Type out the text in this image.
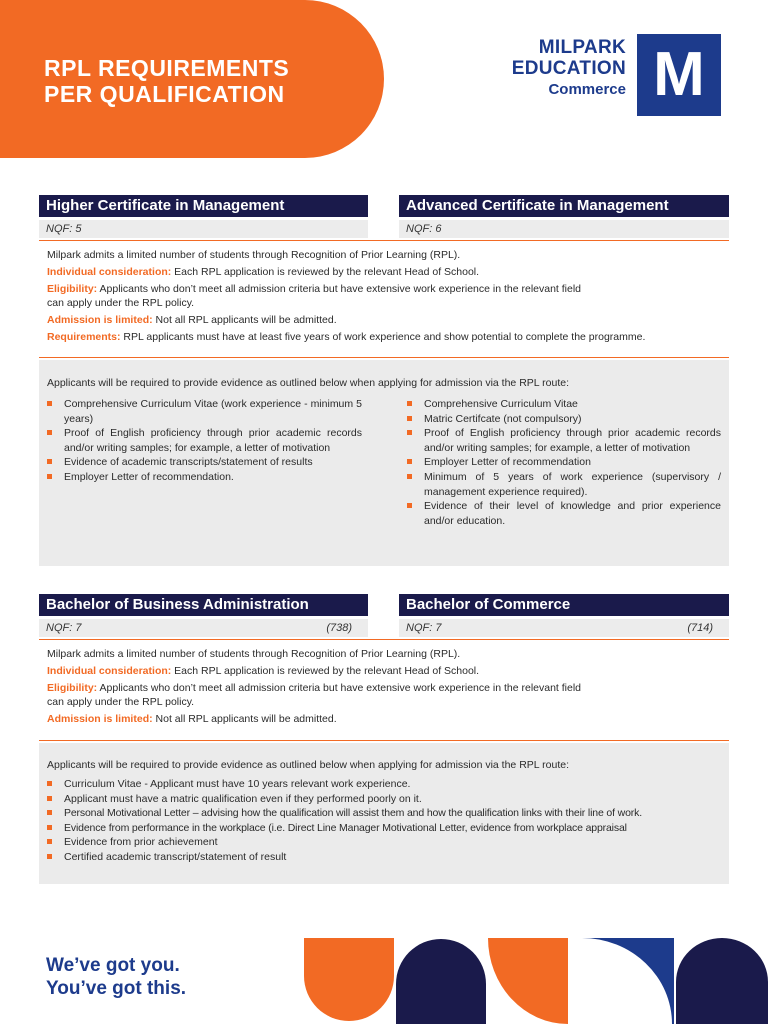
RPL REQUIREMENTS
PER QUALIFICATION
MILPARK
EDUCATION
Commerce M
Higher Certificate in Management	Advanced Certificate in Management
NQF: 5	NQF: 6
Milpark admits a limited number of students through Recognition of Prior Learning (RPL).
Individual consideration: Each RPL application is reviewed by the relevant Head of School.
Eligibility: Applicants who don’t meet all admission criteria but have extensive work experience in the relevant field
can apply under the RPL policy.
Admission is limited: Not all RPL applicants will be admitted.
Requirements: RPL applicants must have at least five years of work experience and show potential to complete the programme.
Applicants will be required to provide evidence as outlined below when applying for admission via the RPL route:
Comprehensive Curriculum Vitae (work experience - minimum 5 years)
Proof of English proficiency through prior academic records and/or writing samples; for example, a letter of motivation
Evidence of academic transcripts/statement of results
Employer Letter of recommendation.
Comprehensive Curriculum Vitae
Matric Certifcate (not compulsory)
Proof of English proficiency through prior academic records and/or writing samples; for example, a letter of motivation
Employer Letter of recommendation
Minimum of 5 years of work experience (supervisory / management experience required).
Evidence of their level of knowledge and prior experience and/or education.
Bachelor of Business Administration	Bachelor of Commerce
NQF: 7	(738)	NQF: 7	(714)
Milpark admits a limited number of students through Recognition of Prior Learning (RPL).
Individual consideration: Each RPL application is reviewed by the relevant Head of School.
Eligibility: Applicants who don’t meet all admission criteria but have extensive work experience in the relevant field
can apply under the RPL policy.
Admission is limited: Not all RPL applicants will be admitted.
Applicants will be required to provide evidence as outlined below when applying for admission via the RPL route:
Curriculum Vitae - Applicant must have 10 years relevant work experience.
Applicant must have a matric qualification even if they performed poorly on it.
Personal Motivational Letter – advising how the qualification will assist them and how the qualification links with their line of work.
Evidence from performance in the workplace (i.e. Direct Line Manager Motivational Letter, evidence from workplace appraisal
Evidence from prior achievement
Certified academic transcript/statement of result
We’ve got you.
You’ve got this.
